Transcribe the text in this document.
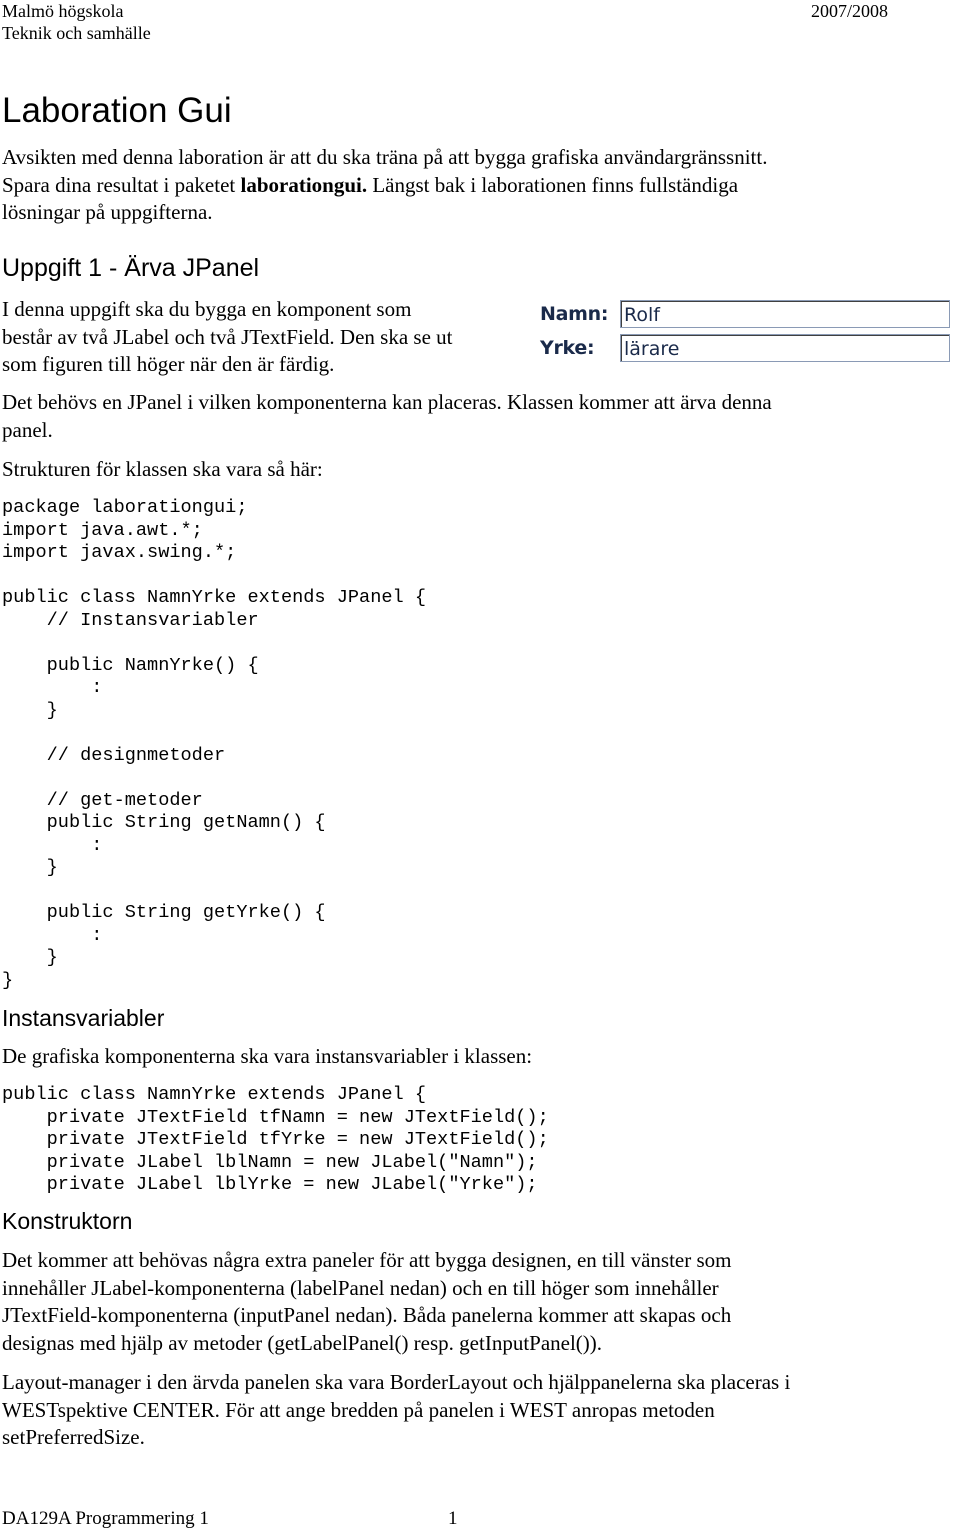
Malmö högskola
Teknik och samhälle
2007/2008
Laboration Gui
Avsikten med denna laboration är att du ska träna på att bygga grafiska användargränssnitt.
Spara dina resultat i paketet laborationgui. Längst bak i laborationen finns fullständiga
lösningar på uppgifterna.
Uppgift 1 - Ärva JPanel
I denna uppgift ska du bygga en komponent som
består av två JLabel och två JTextField. Den ska se ut
som figuren till höger när den är färdig.
Namn: Rolf
Yrke: lärare
Det behövs en JPanel i vilken komponenterna kan placeras. Klassen kommer att ärva denna
panel.
Strukturen för klassen ska vara så här:
package laborationgui;
import java.awt.*;
import javax.swing.*;

public class NamnYrke extends JPanel {
// Instansvariabler

public NamnYrke() {
:
}

// designmetoder

// get-metoder
public String getNamn() {
:
}

public String getYrke() {
:
}
}
Instansvariabler
De grafiska komponenterna ska vara instansvariabler i klassen:
public class NamnYrke extends JPanel {
private JTextField tfNamn = new JTextField();
private JTextField tfYrke = new JTextField();
private JLabel lblNamn = new JLabel("Namn");
private JLabel lblYrke = new JLabel("Yrke");
Konstruktorn
Det kommer att behövas några extra paneler för att bygga designen, en till vänster som
innehåller JLabel-komponenterna (labelPanel nedan) och en till höger som innehåller
JTextField-komponenterna (inputPanel nedan). Båda panelerna kommer att skapas och
designas med hjälp av metoder (getLabelPanel() resp. getInputPanel()).
Layout-manager i den ärvda panelen ska vara BorderLayout och hjälppanelerna ska placeras i
WESTspektive CENTER. För att ange bredden på panelen i WEST anropas metoden
setPreferredSize.
DA129A Programmering 1	1
